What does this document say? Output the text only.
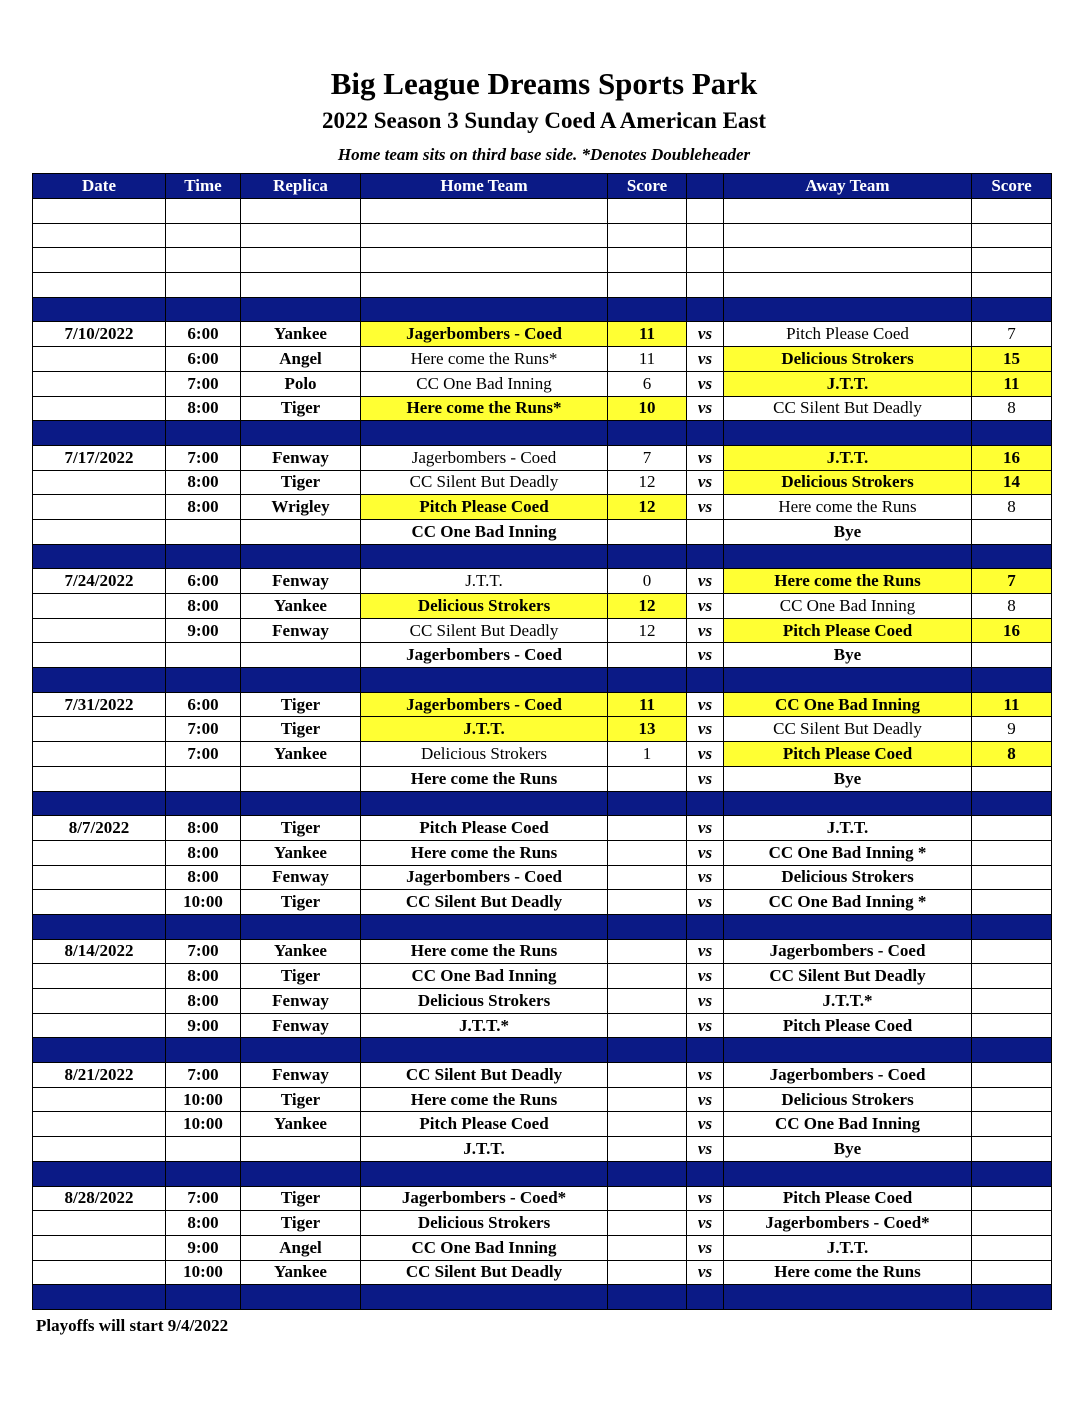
Big League Dreams Sports Park
2022 Season 3 Sunday Coed A American East
Home team sits on third base side. *Denotes Doubleheader
Date	Time	Replica	Home Team	Score		Away Team	Score

7/10/2022	6:00	Yankee	Jagerbombers - Coed	11	vs	Pitch Please Coed	7
	6:00	Angel	Here come the Runs*	11	vs	Delicious Strokers	15
	7:00	Polo	CC One Bad Inning	6	vs	J.T.T.	11
	8:00	Tiger	Here come the Runs*	10	vs	CC Silent But Deadly	8

7/17/2022	7:00	Fenway	Jagerbombers - Coed	7	vs	J.T.T.	16
	8:00	Tiger	CC Silent But Deadly	12	vs	Delicious Strokers	14
	8:00	Wrigley	Pitch Please Coed	12	vs	Here come the Runs	8
			CC One Bad Inning			Bye	

7/24/2022	6:00	Fenway	J.T.T.	0	vs	Here come the Runs	7
	8:00	Yankee	Delicious Strokers	12	vs	CC One Bad Inning	8
	9:00	Fenway	CC Silent But Deadly	12	vs	Pitch Please Coed	16
			Jagerbombers - Coed		vs	Bye	

7/31/2022	6:00	Tiger	Jagerbombers - Coed	11	vs	CC One Bad Inning	11
	7:00	Tiger	J.T.T.	13	vs	CC Silent But Deadly	9
	7:00	Yankee	Delicious Strokers	1	vs	Pitch Please Coed	8
			Here come the Runs		vs	Bye	

8/7/2022	8:00	Tiger	Pitch Please Coed		vs	J.T.T.	
	8:00	Yankee	Here come the Runs		vs	CC One Bad Inning *	
	8:00	Fenway	Jagerbombers - Coed		vs	Delicious Strokers	
	10:00	Tiger	CC Silent But Deadly		vs	CC One Bad Inning *	

8/14/2022	7:00	Yankee	Here come the Runs		vs	Jagerbombers - Coed	
	8:00	Tiger	CC One Bad Inning		vs	CC Silent But Deadly	
	8:00	Fenway	Delicious Strokers		vs	J.T.T.*	
	9:00	Fenway	J.T.T.*		vs	Pitch Please Coed	

8/21/2022	7:00	Fenway	CC Silent But Deadly		vs	Jagerbombers - Coed	
	10:00	Tiger	Here come the Runs		vs	Delicious Strokers	
	10:00	Yankee	Pitch Please Coed		vs	CC One Bad Inning	
			J.T.T.		vs	Bye	

8/28/2022	7:00	Tiger	Jagerbombers - Coed*		vs	Pitch Please Coed	
	8:00	Tiger	Delicious Strokers		vs	Jagerbombers - Coed*	
	9:00	Angel	CC One Bad Inning		vs	J.T.T.	
	10:00	Yankee	CC Silent But Deadly		vs	Here come the Runs	

Playoffs will start 9/4/2022
